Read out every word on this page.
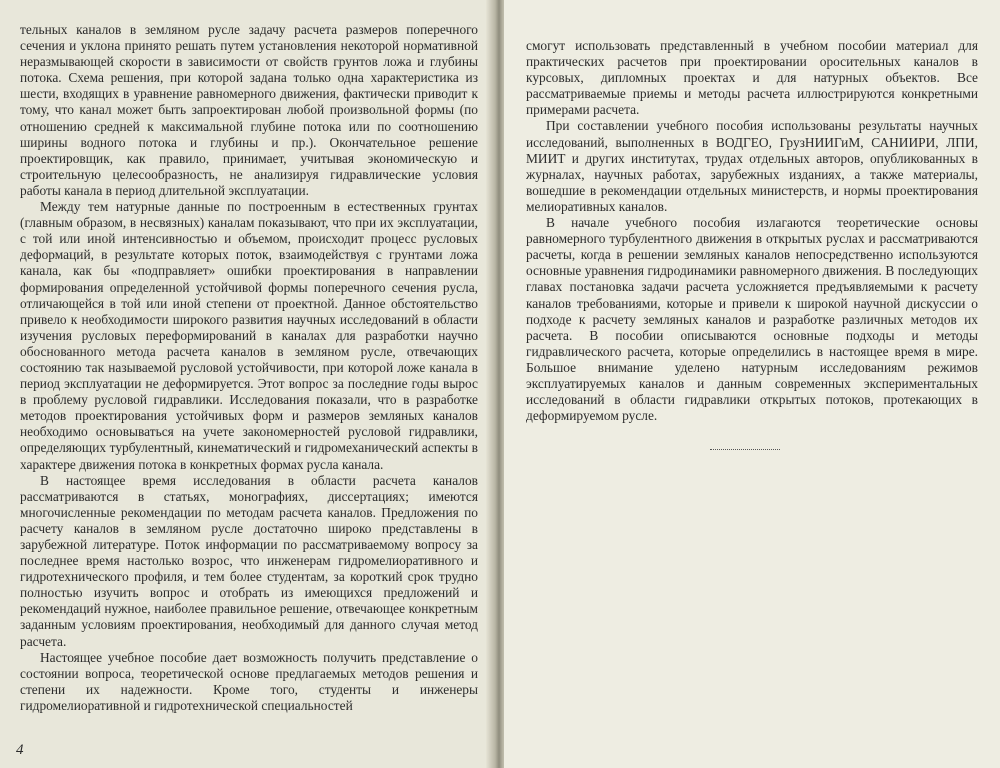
тельных каналов в земляном русле задачу расчета размеров поперечного сечения и уклона принято решать путем установления некоторой нормативной неразмывающей скорости в зависимости от свойств грунтов ложа и глубины потока. Схема решения, при которой задана только одна характеристика из шести, входящих в уравнение равномерного движения, фактически приводит к тому, что канал может быть запроектирован любой произвольной формы (по отношению средней к максимальной глубине потока или по соотношению ширины водного потока и глубины и пр.). Окончательное решение проектировщик, как правило, принимает, учитывая экономическую и строительную целесообразность, не анализируя гидравлические условия работы канала в период длительной эксплуатации.

Между тем натурные данные по построенным в естественных грунтах (главным образом, в несвязных) каналам показывают, что при их эксплуатации, с той или иной интенсивностью и объемом, происходит процесс русловых деформаций, в результате которых поток, взаимодействуя с грунтами ложа канала, как бы «подправляет» ошибки проектирования в направлении формирования определенной устойчивой формы поперечного сечения русла, отличающейся в той или иной степени от проектной. Данное обстоятельство привело к необходимости широкого развития научных исследований в области изучения русловых переформирований в каналах для разработки научно обоснованного метода расчета каналов в земляном русле, отвечающих состоянию так называемой русловой устойчивости, при которой ложе канала в период эксплуатации не деформируется. Этот вопрос за последние годы вырос в проблему русловой гидравлики. Исследования показали, что в разработке методов проектирования устойчивых форм и размеров земляных каналов необходимо основываться на учете закономерностей русловой гидравлики, определяющих турбулентный, кинематический и гидромеханический аспекты в характере движения потока в конкретных формах русла канала.

В настоящее время исследования в области расчета каналов рассматриваются в статьях, монографиях, диссертациях; имеются многочисленные рекомендации по методам расчета каналов. Предложения по расчету каналов в земляном русле достаточно широко представлены в зарубежной литературе. Поток информации по рассматриваемому вопросу за последнее время настолько возрос, что инженерам гидромелиоративного и гидротехнического профиля, и тем более студентам, за короткий срок трудно полностью изучить вопрос и отобрать из имеющихся предложений и рекомендаций нужное, наиболее правильное решение, отвечающее конкретным заданным условиям проектирования, необходимый для данного случая метод расчета.

Настоящее учебное пособие дает возможность получить представление о состоянии вопроса, теоретической основе предлагаемых методов решения и степени их надежности. Кроме того, студенты и инженеры гидромелиоративной и гидротехнической специальностей

4

смогут использовать представленный в учебном пособии материал для практических расчетов при проектировании оросительных каналов в курсовых, дипломных проектах и для натурных объектов. Все рассматриваемые приемы и методы расчета иллюстрируются конкретными примерами расчета.

При составлении учебного пособия использованы результаты научных исследований, выполненных в ВОДГЕО, ГрузНИИГиМ, САНИИРИ, ЛПИ, МИИТ и других институтах, трудах отдельных авторов, опубликованных в журналах, научных работах, зарубежных изданиях, а также материалы, вошедшие в рекомендации отдельных министерств, и нормы проектирования мелиоративных каналов.

В начале учебного пособия излагаются теоретические основы равномерного турбулентного движения в открытых руслах и рассматриваются расчеты, когда в решении земляных каналов непосредственно используются основные уравнения гидродинамики равномерного движения. В последующих главах постановка задачи расчета усложняется предъявляемыми к расчету каналов требованиями, которые и привели к широкой научной дискуссии о подходе к расчету земляных каналов и разработке различных методов их расчета. В пособии описываются основные подходы и методы гидравлического расчета, которые определились в настоящее время в мире. Большое внимание уделено натурным исследованиям режимов эксплуатируемых каналов и данным современных экспериментальных исследований в области гидравлики открытых потоков, протекающих в деформируемом русле.
